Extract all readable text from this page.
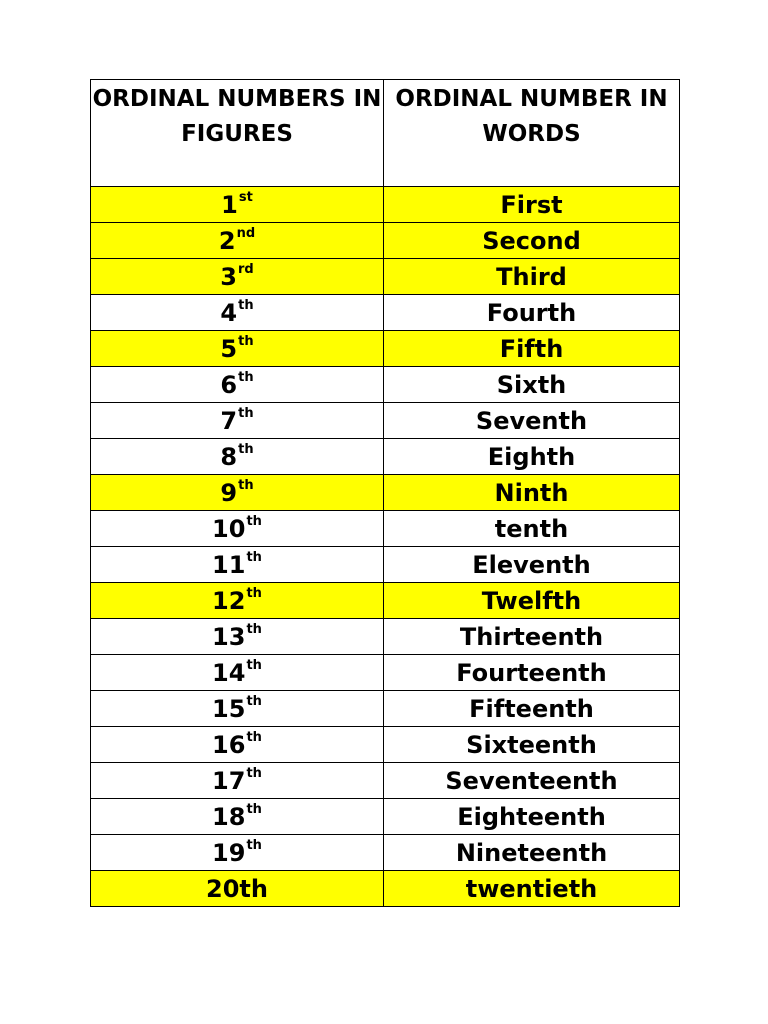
ORDINAL NUMBERS IN FIGURES	ORDINAL NUMBER IN WORDS
1st	First
2nd	Second
3rd	Third
4th	Fourth
5th	Fifth
6th	Sixth
7th	Seventh
8th	Eighth
9th	Ninth
10th	tenth
11th	Eleventh
12th	Twelfth
13th	Thirteenth
14th	Fourteenth
15th	Fifteenth
16th	Sixteenth
17th	Seventeenth
18th	Eighteenth
19th	Nineteenth
20th	twentieth
